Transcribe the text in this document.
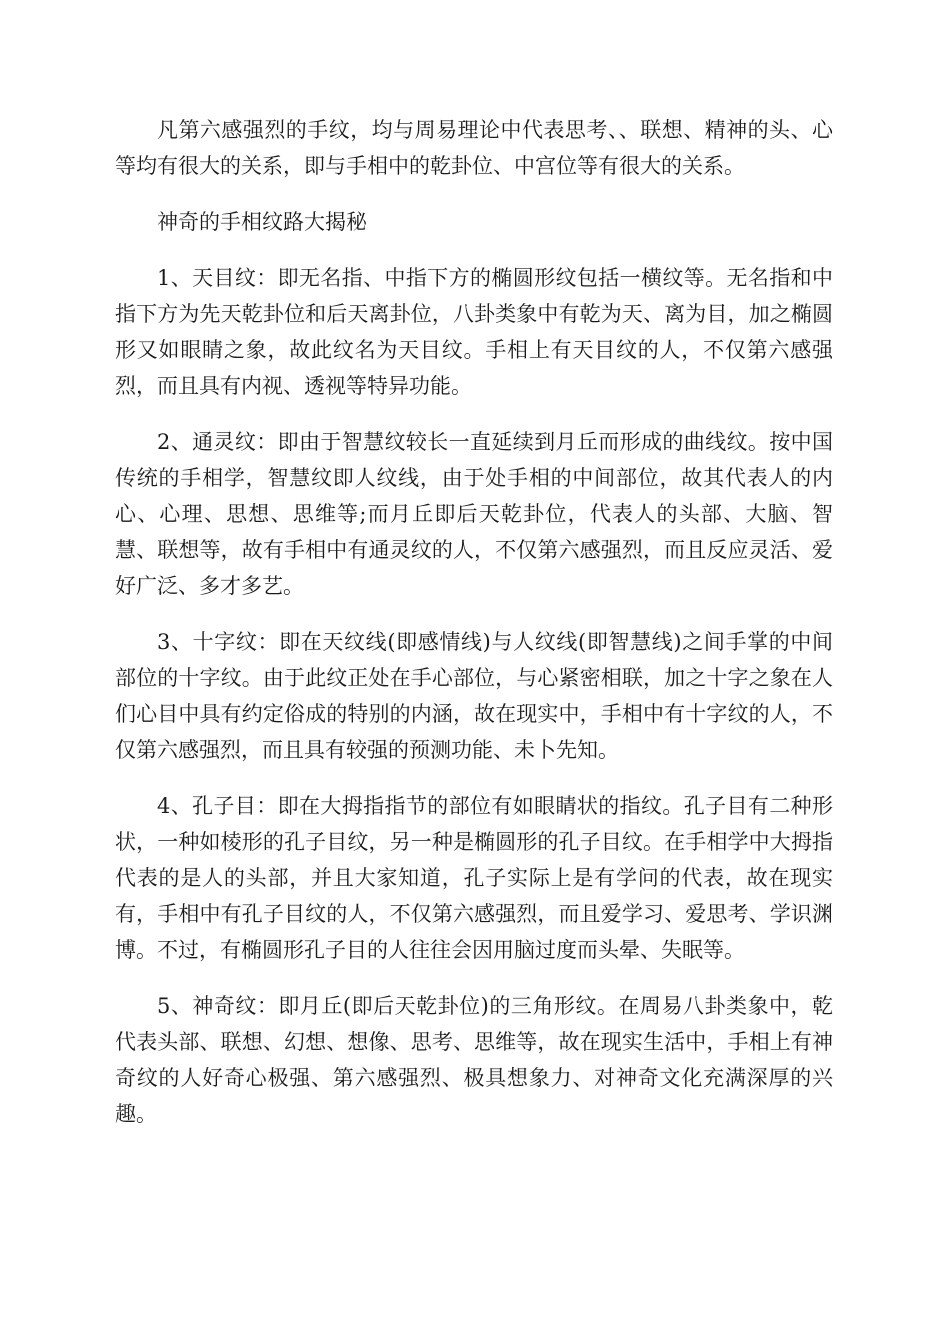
凡第六感强烈的手纹，均与周易理论中代表思考、、联想、精神的头、心等均有很大的关系，即与手相中的乾卦位、中宫位等有很大的关系。

神奇的手相纹路大揭秘

1、天目纹：即无名指、中指下方的椭圆形纹包括一横纹等。无名指和中指下方为先天乾卦位和后天离卦位，八卦类象中有乾为天、离为目，加之椭圆形又如眼睛之象，故此纹名为天目纹。手相上有天目纹的人，不仅第六感强烈，而且具有内视、透视等特异功能。

2、通灵纹：即由于智慧纹较长一直延续到月丘而形成的曲线纹。按中国传统的手相学，智慧纹即人纹线，由于处手相的中间部位，故其代表人的内心、心理、思想、思维等;而月丘即后天乾卦位，代表人的头部、大脑、智慧、联想等，故有手相中有通灵纹的人，不仅第六感强烈，而且反应灵活、爱好广泛、多才多艺。

3、十字纹：即在天纹线(即感情线)与人纹线(即智慧线)之间手掌的中间部位的十字纹。由于此纹正处在手心部位，与心紧密相联，加之十字之象在人们心目中具有约定俗成的特别的内涵，故在现实中，手相中有十字纹的人，不仅第六感强烈，而且具有较强的预测功能、未卜先知。

4、孔子目：即在大拇指指节的部位有如眼睛状的指纹。孔子目有二种形状，一种如棱形的孔子目纹，另一种是椭圆形的孔子目纹。在手相学中大拇指代表的是人的头部，并且大家知道，孔子实际上是有学问的代表，故在现实有，手相中有孔子目纹的人，不仅第六感强烈，而且爱学习、爱思考、学识渊博。不过，有椭圆形孔子目的人往往会因用脑过度而头晕、失眠等。

5、神奇纹：即月丘(即后天乾卦位)的三角形纹。在周易八卦类象中，乾代表头部、联想、幻想、想像、思考、思维等，故在现实生活中，手相上有神奇纹的人好奇心极强、第六感强烈、极具想象力、对神奇文化充满深厚的兴趣。
